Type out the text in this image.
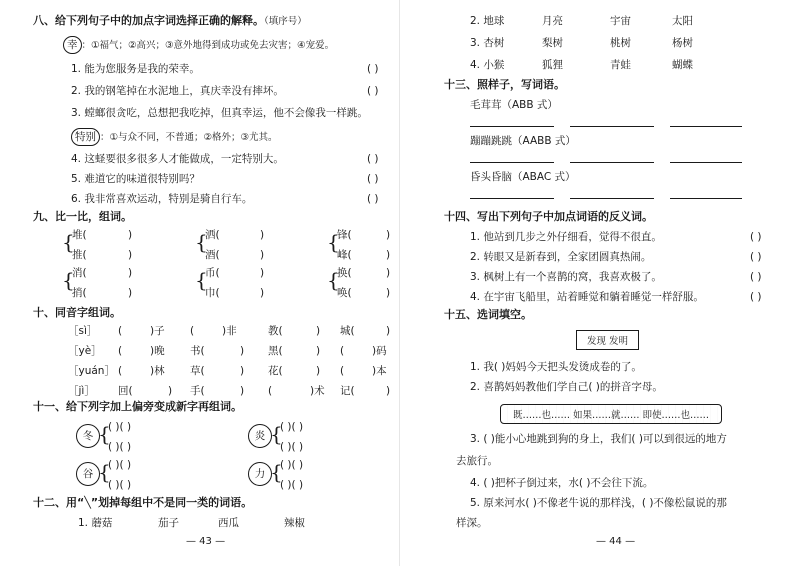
八、给下列句子中的加点字词选择正确的解释。（填序号）
幸 ：①福气；②高兴；③意外地得到成功或免去灾害；④宠爱。
1. 能为您服务是我的荣幸。	( )
2. 我的钢笔掉在水泥地上，真庆幸没有摔坏。	( )
3. 螳螂很贪吃，总想把我吃掉，但真幸运，他不会像我一样跳。
特别 ：①与众不同，不普通；②格外；③尤其。
4. 这蛏要很多很多人才能做成，一定特别大。	( )
5. 难道它的味道很特别吗？	( )
6. 我非常喜欢运动，特别是骑自行车。	( )
九、比一比，组词。
{
堆(	)
推(	)
{
洒(	)
酒(	)
{
锋(	)
峰(	)
{
消(	)
捎(	)
{
币(	)
巾(	)
{
换(	)
唤(	)
十、同音字组词。
［sì］ (	)子 (	)非	教(	) 城(	)
［yè］ (	)晚 书(	) 黑(	) (	)码
［yuán］ (	)林 草(	) 花(	) (	)本
［jì］ 回(	) 手(	) (	)术 记(	)
十一、给下列字加上偏旁变成新字再组词。
冬 {
( )( )
( )( )
炎 {
( )( )
( )( )
谷 {
( )( )
( )( )
力 {
( )( )
( )( )
十二、用“╲”划掉每组中不是同一类的词语。
1. 蘑菇	茄子	西瓜	辣椒
— 43 —
2. 地球	月亮	宇宙	太阳
3. 杏树	梨树	桃树	杨树
4. 小猴	狐狸	青蛙	蝴蝶
十三、照样子，写词语。
毛茸茸（ABB 式）
蹦蹦跳跳（AABB 式）
昏头昏脑（ABAC 式）
十四、写出下列句子中加点词语的反义词。
1. 他站到几步之外仔细看，觉得不很直。	( )
2. 转眼又是新春到，全家团圆真热闹。	( )
3. 枫树上有一个喜鹊的窝，我喜欢极了。	( )
4. 在宇宙飞船里，站着睡觉和躺着睡觉一样舒服。	( )
十五、选词填空。
发现 发明
1. 我( )妈妈今天把头发烫成卷的了。
2. 喜鹊妈妈教他们学自己( )的拼音字母。
既……也…… 如果……就…… 即使……也……
3. ( )能小心地跳到狗的身上，我们( )可以到很远的地方
去旅行。
4. ( )把杯子倒过来，水( )不会往下流。
5. 原来河水( )不像老牛说的那样浅，( )不像松鼠说的那
样深。
— 44 —
